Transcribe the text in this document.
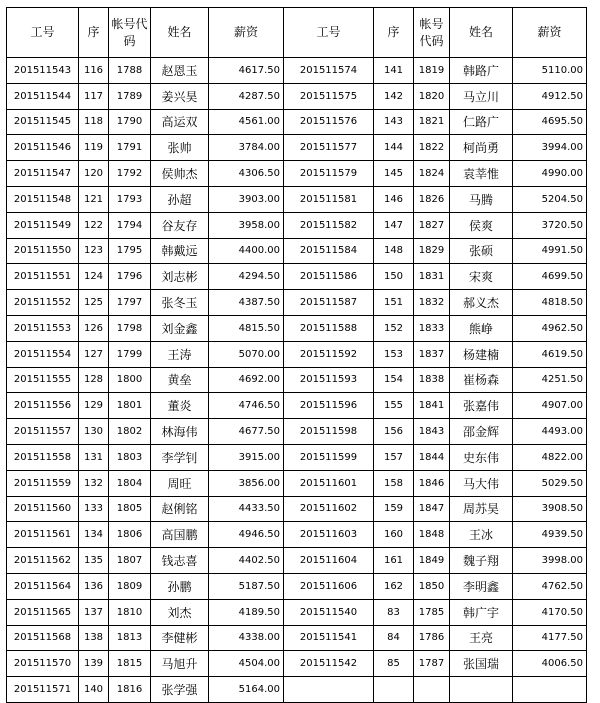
工号	序	帐号代码	姓名	薪资	工号	序	帐号代码	姓名	薪资
201511543	116	1788	赵恩玉	4617.50	201511574	141	1819	韩路广	5110.00
201511544	117	1789	姜兴昊	4287.50	201511575	142	1820	马立川	4912.50
201511545	118	1790	高运双	4561.00	201511576	143	1821	仁路广	4695.50
201511546	119	1791	张帅	3784.00	201511577	144	1822	柯尚勇	3994.00
201511547	120	1792	侯帅杰	4306.50	201511579	145	1824	袁莘惟	4990.00
201511548	121	1793	孙超	3903.00	201511581	146	1826	马腾	5204.50
201511549	122	1794	谷友存	3958.00	201511582	147	1827	侯爽	3720.50
201511550	123	1795	韩戴远	4400.00	201511584	148	1829	张硕	4991.50
201511551	124	1796	刘志彬	4294.50	201511586	150	1831	宋爽	4699.50
201511552	125	1797	张冬玉	4387.50	201511587	151	1832	郝义杰	4818.50
201511553	126	1798	刘金鑫	4815.50	201511588	152	1833	熊峥	4962.50
201511554	127	1799	王涛	5070.00	201511592	153	1837	杨建楠	4619.50
201511555	128	1800	黄垒	4692.00	201511593	154	1838	崔杨森	4251.50
201511556	129	1801	董炎	4746.50	201511596	155	1841	张嘉伟	4907.00
201511557	130	1802	林海伟	4677.50	201511598	156	1843	邵金辉	4493.00
201511558	131	1803	李学钊	3915.00	201511599	157	1844	史东伟	4822.00
201511559	132	1804	周旺	3856.00	201511601	158	1846	马大伟	5029.50
201511560	133	1805	赵俐铭	4433.50	201511602	159	1847	周苏昊	3908.50
201511561	134	1806	高国鹏	4946.50	201511603	160	1848	王冰	4939.50
201511562	135	1807	钱志喜	4402.50	201511604	161	1849	魏子翔	3998.00
201511564	136	1809	孙鹏	5187.50	201511606	162	1850	李明鑫	4762.50
201511565	137	1810	刘杰	4189.50	201511540	83	1785	韩广宇	4170.50
201511568	138	1813	李健彬	4338.00	201511541	84	1786	王亮	4177.50
201511570	139	1815	马旭升	4504.00	201511542	85	1787	张国瑞	4006.50
201511571	140	1816	张学强	5164.00					
